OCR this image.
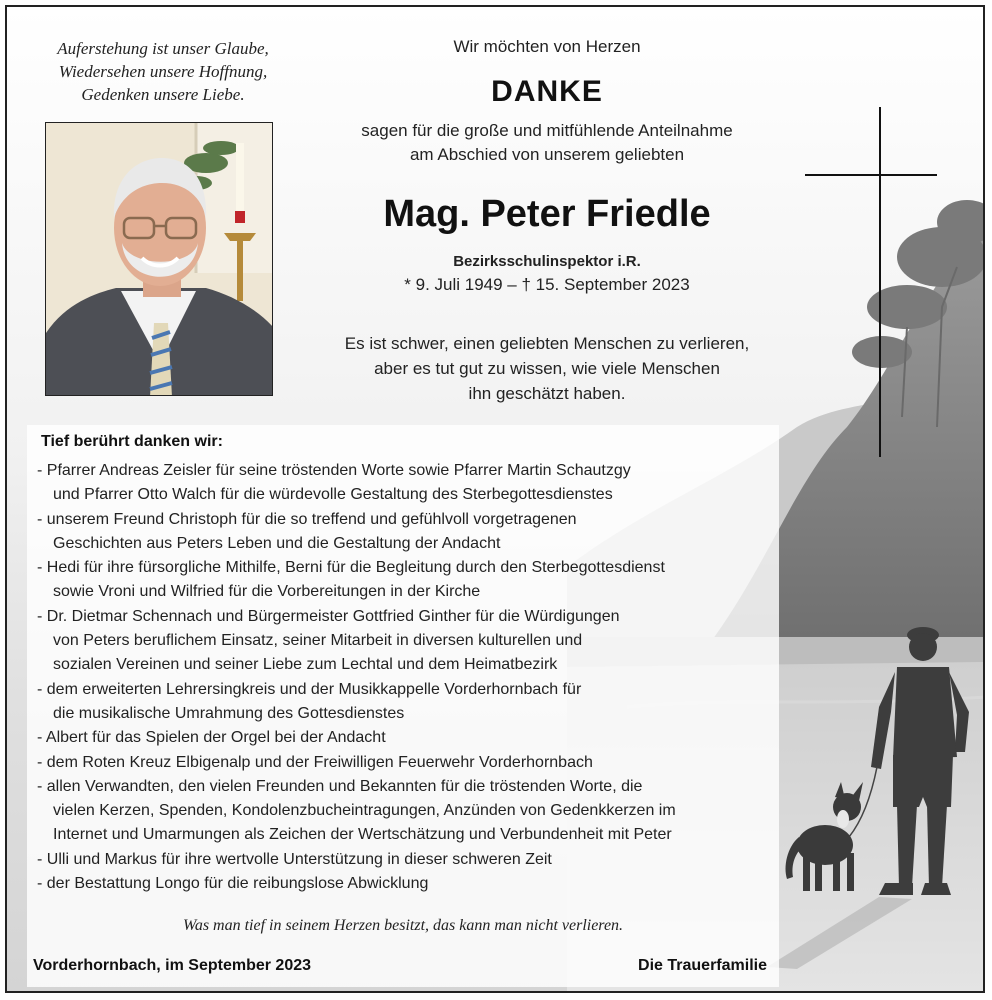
Auferstehung ist unser Glaube,
Wiedersehen unsere Hoffnung,
Gedenken unsere Liebe.
Wir möchten von Herzen
DANKE
sagen für die große und mitfühlende Anteilnahme
am Abschied von unserem geliebten
Mag. Peter Friedle
Bezirksschulinspektor i.R.
* 9. Juli 1949 – † 15. September 2023
Es ist schwer, einen geliebten Menschen zu verlieren,
aber es tut gut zu wissen, wie viele Menschen
ihn geschätzt haben.
Tief berührt danken wir:
- Pfarrer Andreas Zeisler für seine tröstenden Worte sowie Pfarrer Martin Schautzgy
und Pfarrer Otto Walch für die würdevolle Gestaltung des Sterbegottesdienstes
- unserem Freund Christoph für die so treffend und gefühlvoll vorgetragenen
Geschichten aus Peters Leben und die Gestaltung der Andacht
- Hedi für ihre fürsorgliche Mithilfe, Berni für die Begleitung durch den Sterbegottesdienst
sowie Vroni und Wilfried für die Vorbereitungen in der Kirche
- Dr. Dietmar Schennach und Bürgermeister Gottfried Ginther für die Würdigungen
von Peters beruflichem Einsatz, seiner Mitarbeit in diversen kulturellen und
sozialen Vereinen und seiner Liebe zum Lechtal und dem Heimatbezirk
- dem erweiterten Lehrersingkreis und der Musikkappelle Vorderhornbach für
die musikalische Umrahmung des Gottesdienstes
- Albert für das Spielen der Orgel bei der Andacht
- dem Roten Kreuz Elbigenalp und der Freiwilligen Feuerwehr Vorderhornbach
- allen Verwandten, den vielen Freunden und Bekannten für die tröstenden Worte, die
vielen Kerzen, Spenden, Kondolenzbucheintragungen, Anzünden von Gedenkkerzen im
Internet und Umarmungen als Zeichen der Wertschätzung und Verbundenheit mit Peter
- Ulli und Markus für ihre wertvolle Unterstützung in dieser schweren Zeit
- der Bestattung Longo für die reibungslose Abwicklung
Was man tief in seinem Herzen besitzt, das kann man nicht verlieren.
Vorderhornbach, im September 2023	Die Trauerfamilie
